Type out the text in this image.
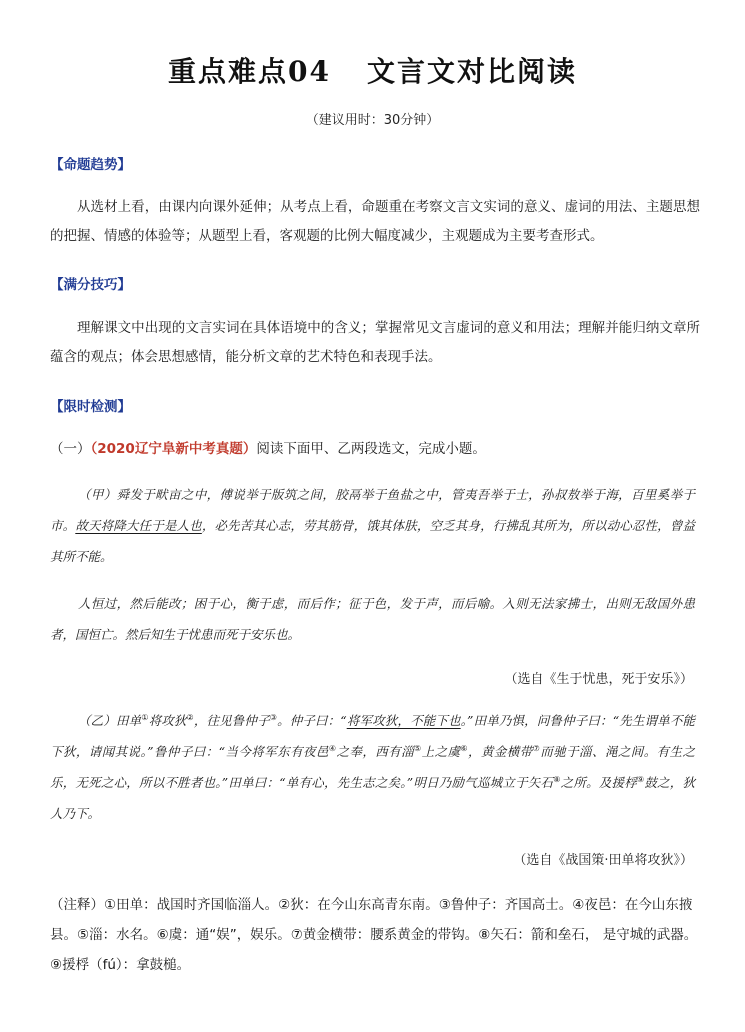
重点难点04 文言文对比阅读
（建议用时：30分钟）
【命题趋势】
从选材上看，由课内向课外延伸；从考点上看，命题重在考察文言文实词的意义、虚词的用法、主题思想的把握、情感的体验等；从题型上看，客观题的比例大幅度减少，主观题成为主要考查形式。
【满分技巧】
理解课文中出现的文言实词在具体语境中的含义；掌握常见文言虚词的意义和用法；理解并能归纳文章所蕴含的观点；体会思想感情，能分析文章的艺术特色和表现手法。
【限时检测】
（一）（2020辽宁阜新中考真题）阅读下面甲、乙两段选文，完成小题。
（甲）舜发于畎亩之中，傅说举于版筑之间，胶鬲举于鱼盐之中，管夷吾举于士，孙叔敖举于海，百里奚举于市。故天将降大任于是人也，必先苦其心志，劳其筋骨，饿其体肤，空乏其身，行拂乱其所为，所以动心忍性，曾益其所不能。
人恒过，然后能改；困于心，衡于虑，而后作；征于色，发于声，而后喻。入则无法家拂士，出则无敌国外患者，国恒亡。然后知生于忧患而死于安乐也。
（选自《生于忧患，死于安乐》）
（乙）田单①将攻狄②，往见鲁仲子③。仲子曰：“将军攻狄，不能下也。”田单乃惧，问鲁仲子曰：“先生谓单不能下狄，请闻其说。”鲁仲子曰：“当今将军东有夜邑④之奉，西有淄⑤上之虞⑥，黄金横带⑦而驰于淄、渑之间。有生之乐，无死之心，所以不胜者也。”田单曰：“单有心，先生志之矣。”明日乃励气巡城立于矢石⑧之所。及援桴⑨鼓之，狄人乃下。
（选自《战国策·田单将攻狄》）
（注释）①田单：战国时齐国临淄人。②狄：在今山东高青东南。③鲁仲子：齐国高士。④夜邑：在今山东掖县。⑤淄：水名。⑥虞：通“娱”，娱乐。⑦黄金横带：腰系黄金的带钩。⑧矢石：箭和垒石， 是守城的武器。⑨援桴（fú）：拿鼓槌。
